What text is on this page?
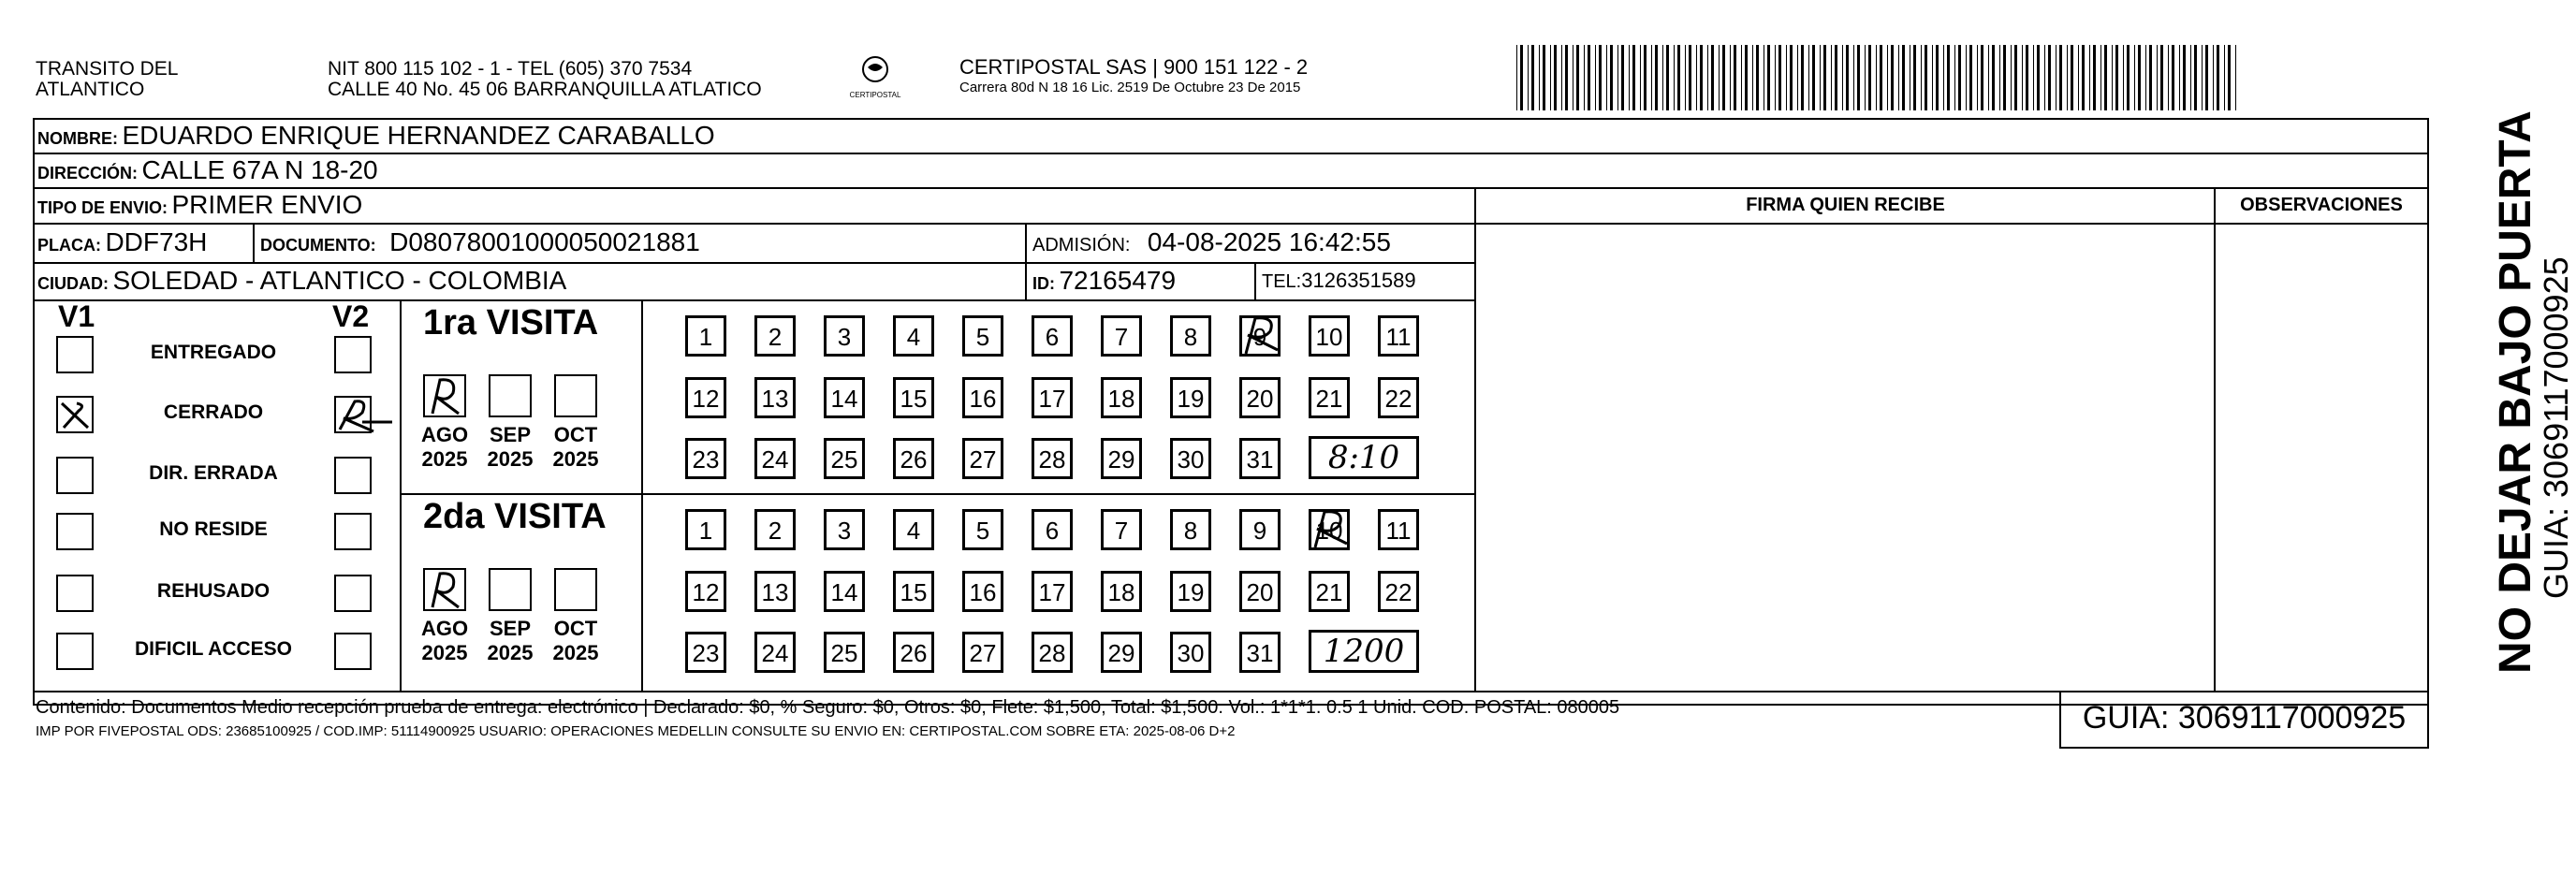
TRANSITO DEL
ATLANTICO
NIT 800 115 102 - 1 - TEL (605) 370 7534
CALLE 40 No. 45 06 BARRANQUILLA ATLATICO	CERTIPOSTAL
CERTIPOSTAL SAS | 900 151 122 - 2
Carrera 80d N 18 16 Lic. 2519 De Octubre 23 De 2015
NOMBRE: EDUARDO ENRIQUE HERNANDEZ CARABALLO
DIRECCIÓN: CALLE 67A N 18-20
TIPO DE ENVIO: PRIMER ENVIO	FIRMA QUIEN RECIBE	OBSERVACIONES
PLACA: DDF73H	DOCUMENTO: D08078001000050021881	ADMISIÓN: 04-08-2025 16:42:55
CIUDAD: SOLEDAD - ATLANTICO - COLOMBIA	ID: 72165479	TEL:3126351589
V1	V2
ENTREGADO
CERRADO
DIR. ERRADA
NO RESIDE
REHUSADO
DIFICIL ACCESO
1ra VISITA
AGO
2025
SEP
2025
OCT
2025
1	2	3	4	5	6	7	8	9	10	11
12 13 14 15 16 17 18 19 20 21 22
23 24 25 26 27 28 29 30 31	8:10
2da VISITA
AGO
2025
SEP
2025
OCT
2025
1	2	3	4	5	6	7	8	9	10	11
12 13 14 15 16 17 18 19 20 21 22
23 24 25 26 27 28 29 30 31	1200
Contenido: Documentos Medio recepción prueba de entrega: electrónico | Declarado: $0, % Seguro: $0, Otros: $0, Flete: $1,500, Total: $1,500. Vol.: 1*1*1. 0.5 1 Unid. COD. POSTAL: 080005
IMP POR FIVEPOSTAL ODS: 23685100925 / COD.IMP: 51114900925 USUARIO: OPERACIONES MEDELLIN CONSULTE SU ENVIO EN: CERTIPOSTAL.COM SOBRE ETA: 2025-08-06 D+2	GUIA: 3069117000925
NO DEJAR BAJO PUERTA
GUIA: 3069117000925
